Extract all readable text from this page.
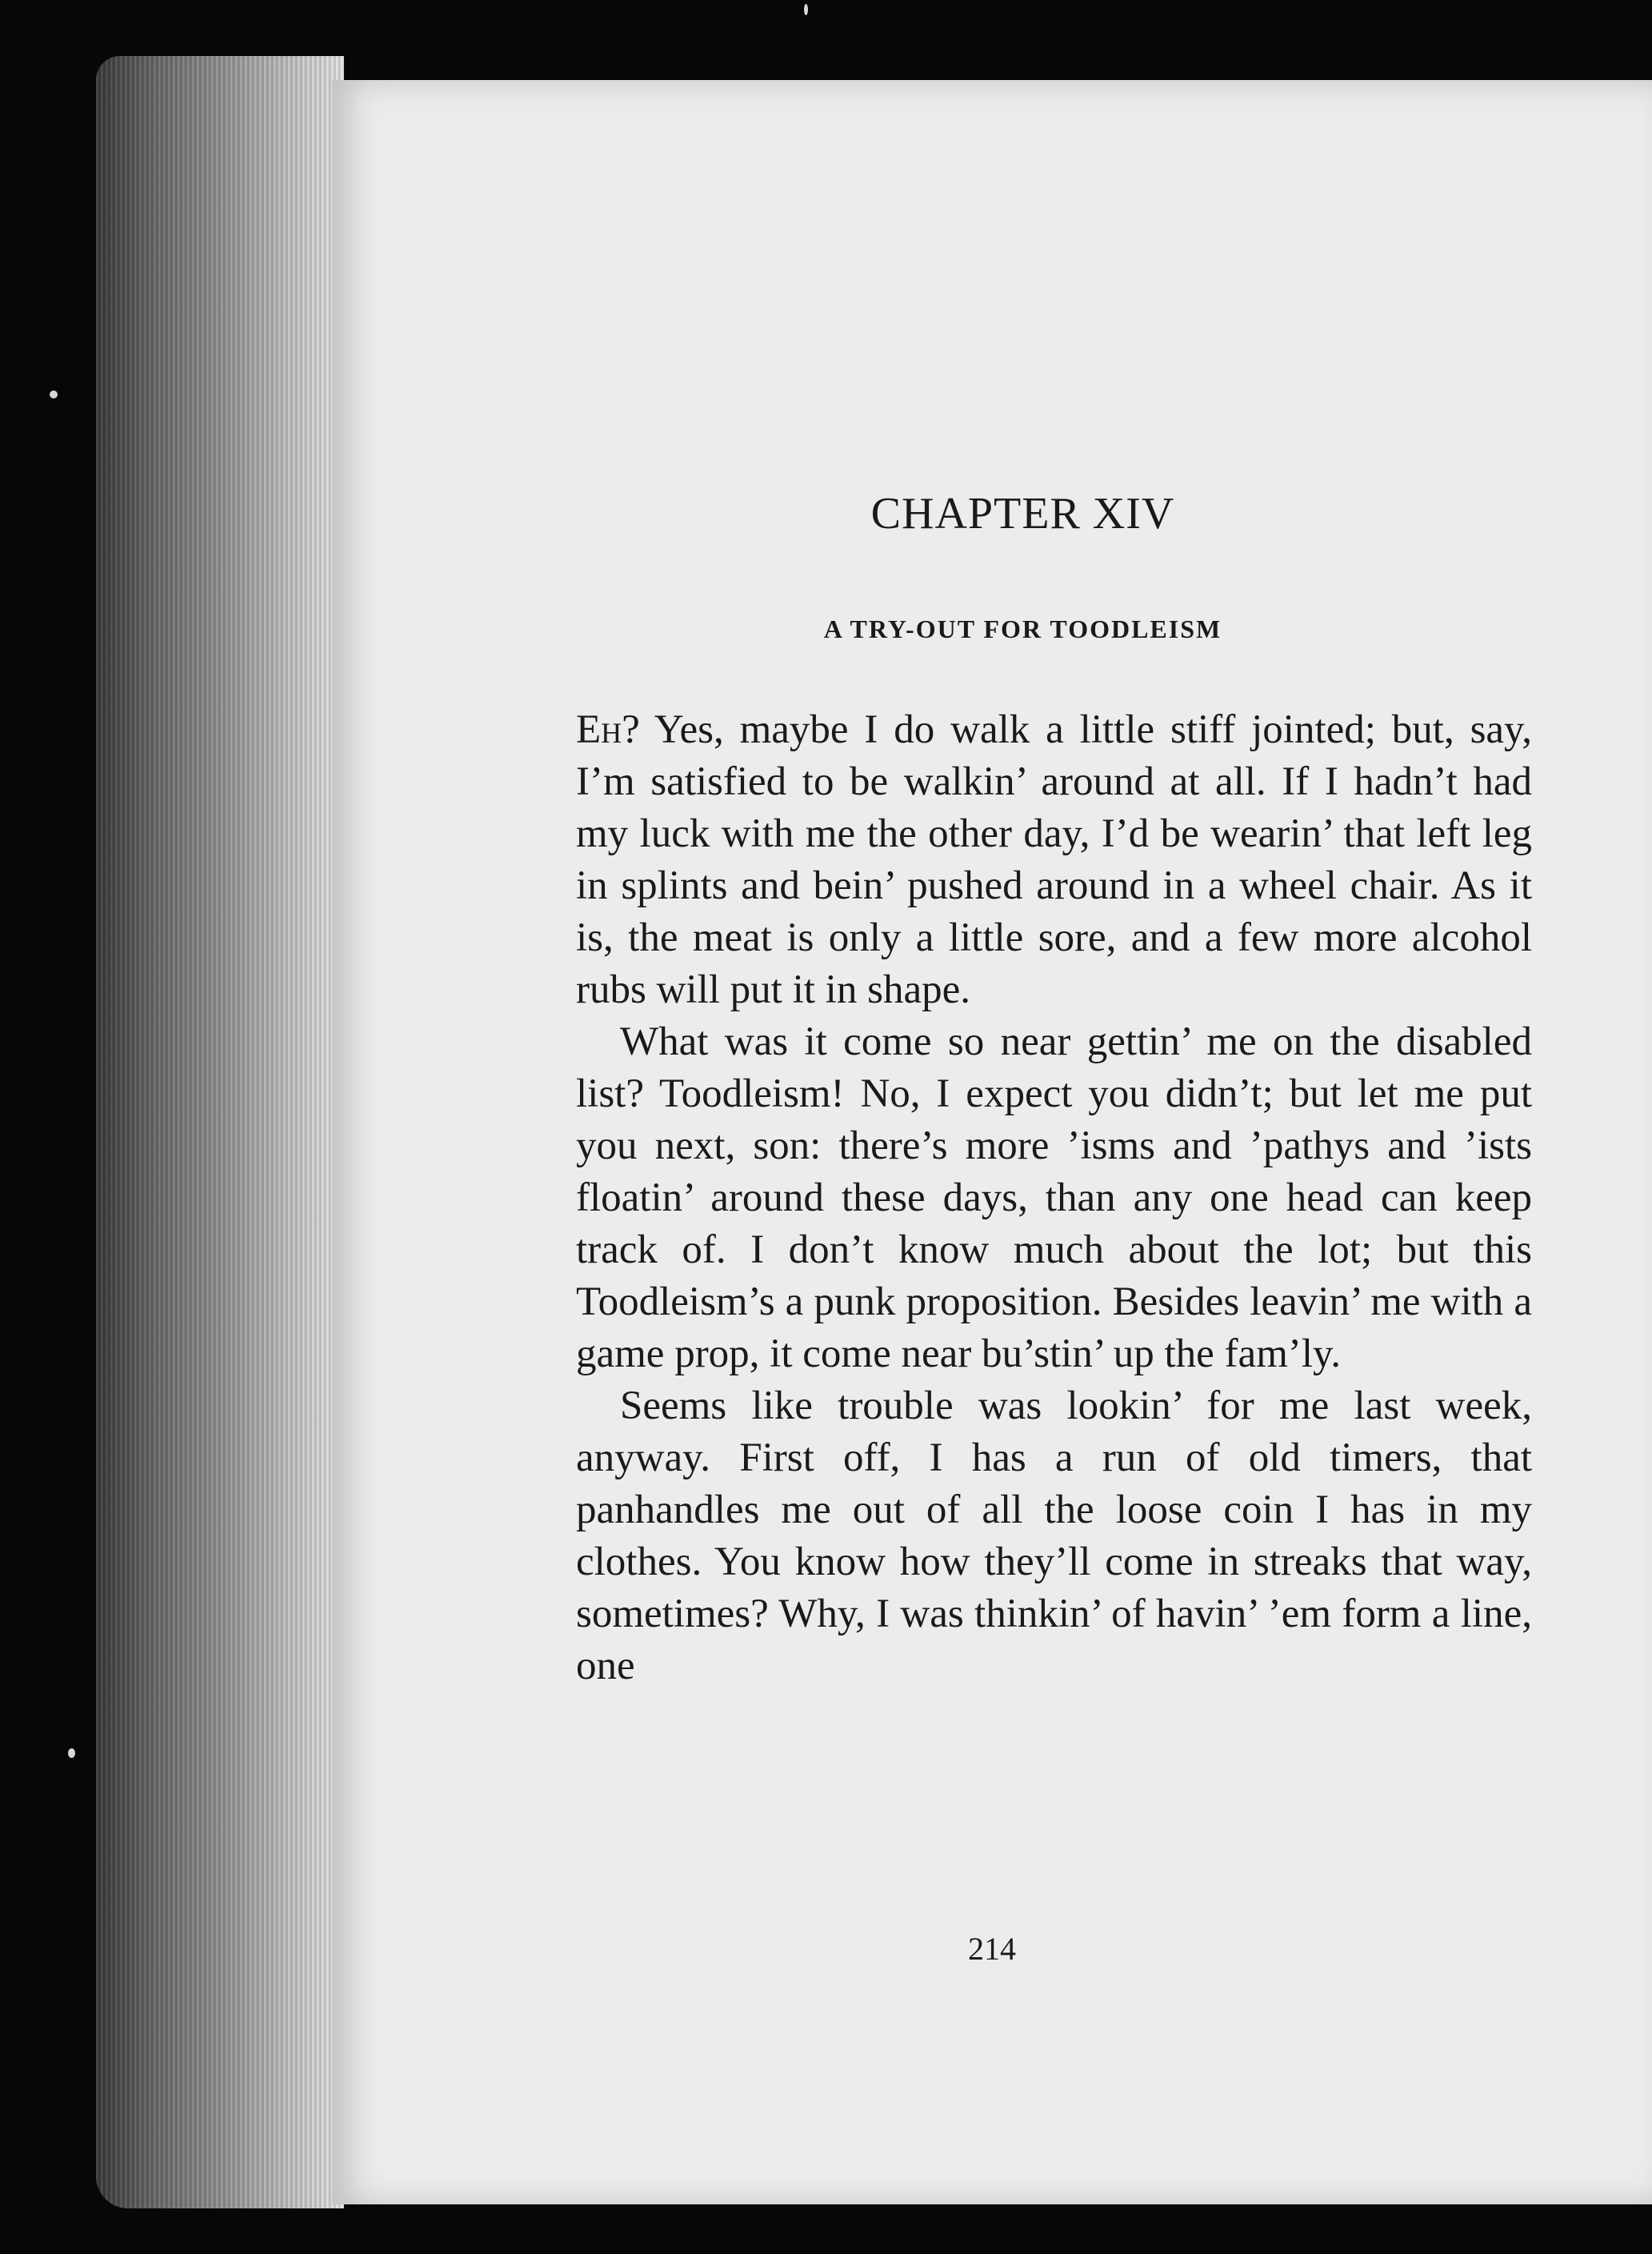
CHAPTER XIV
A TRY-OUT FOR TOODLEISM

Eh? Yes, maybe I do walk a little stiff jointed; but, say, I’m satisfied to be walkin’ around at all. If I hadn’t had my luck with me the other day, I’d be wearin’ that left leg in splints and bein’ pushed around in a wheel chair. As it is, the meat is only a little sore, and a few more alcohol rubs will put it in shape.

What was it come so near gettin’ me on the disabled list? Toodleism! No, I expect you didn’t; but let me put you next, son: there’s more ’isms and ’pathys and ’ists floatin’ around these days, than any one head can keep track of. I don’t know much about the lot; but this Toodleism’s a punk proposition. Besides leavin’ me with a game prop, it come near bu’stin’ up the fam’ly.

Seems like trouble was lookin’ for me last week, anyway. First off, I has a run of old timers, that panhandles me out of all the loose coin I has in my clothes. You know how they’ll come in streaks that way, sometimes? Why, I was thinkin’ of havin’ ’em form a line, one

214
